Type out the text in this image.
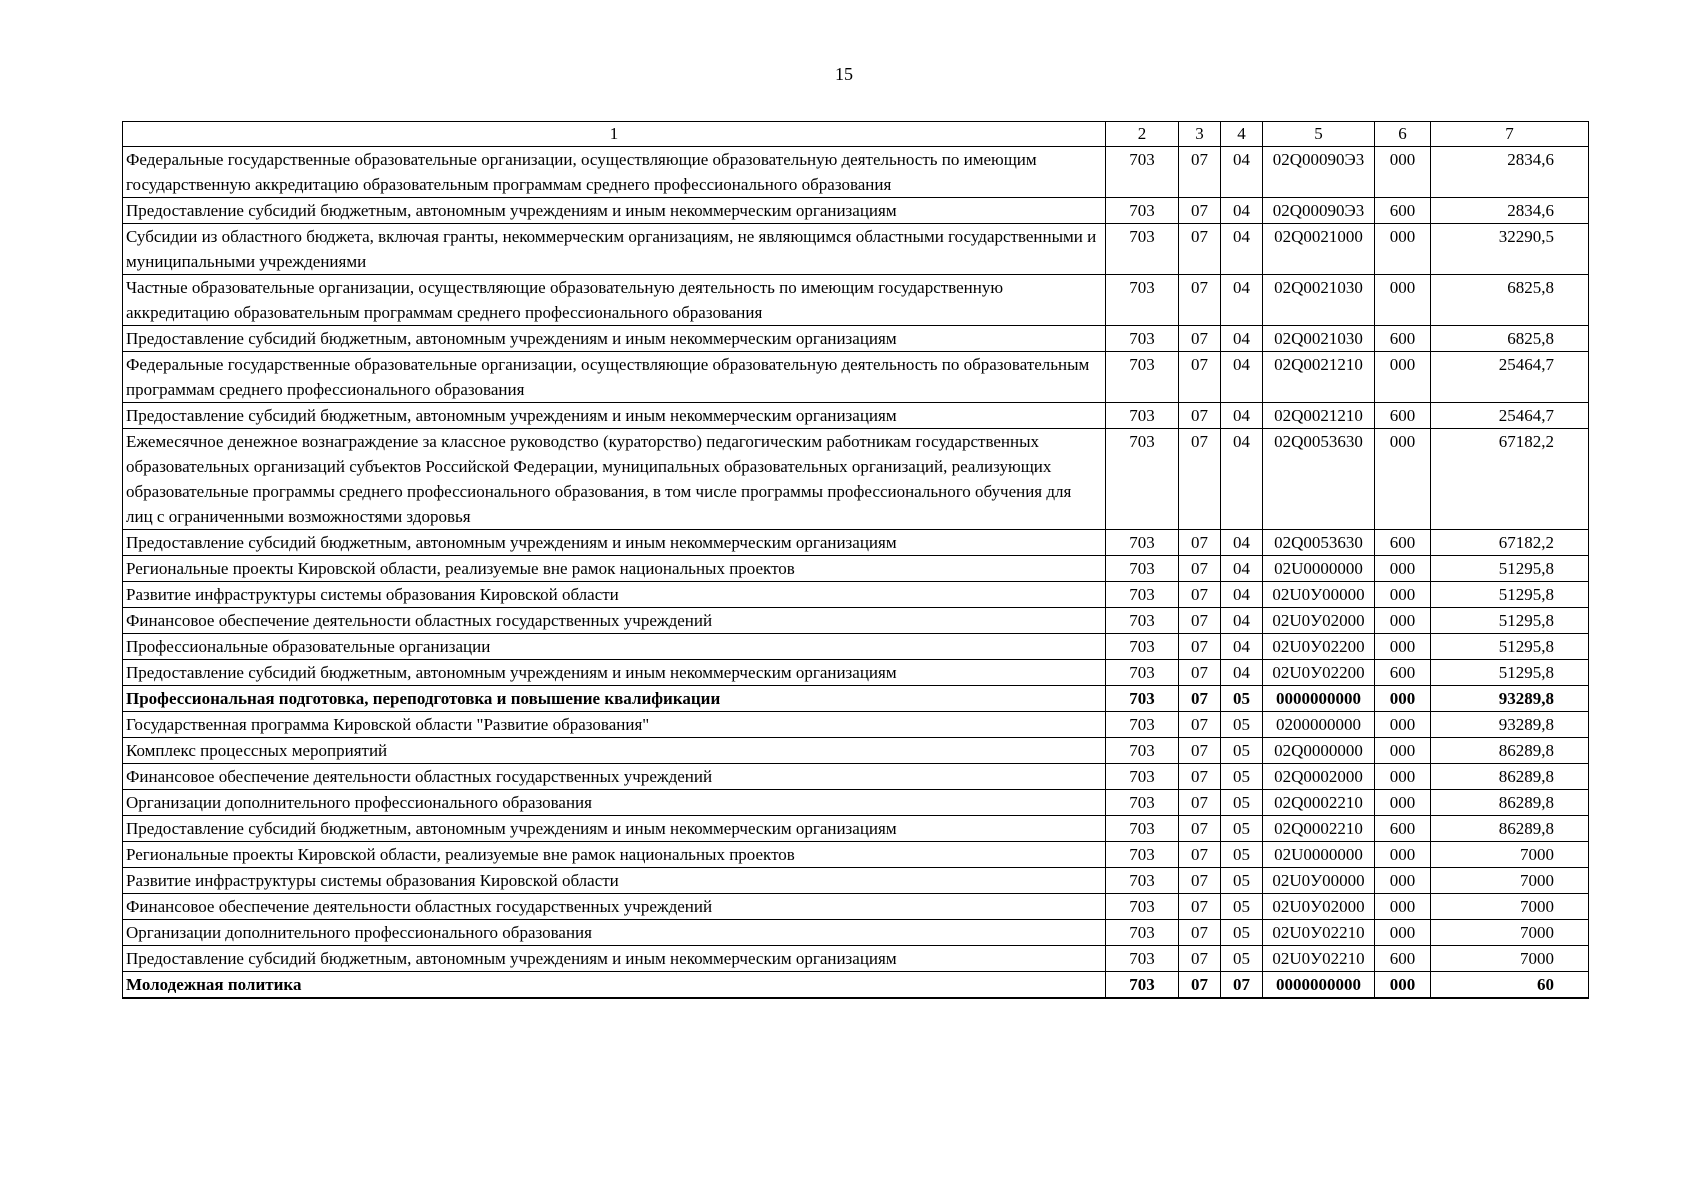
15
1	2	3	4	5	6	7
Федеральные государственные образовательные организации, осуществляющие образовательную деятельность по имеющим государственную аккредитацию образовательным программам среднего профессионального образования	703	07	04	02Q00090Э3	000	2834,6
Предоставление субсидий бюджетным, автономным учреждениям и иным некоммерческим организациям	703	07	04	02Q00090Э3	600	2834,6
Субсидии из областного бюджета, включая гранты, некоммерческим организациям, не являющимся областными государственными и муниципальными учреждениями	703	07	04	02Q0021000	000	32290,5
Частные образовательные организации, осуществляющие образовательную деятельность по имеющим государственную аккредитацию образовательным программам среднего профессионального образования	703	07	04	02Q0021030	000	6825,8
Предоставление субсидий бюджетным, автономным учреждениям и иным некоммерческим организациям	703	07	04	02Q0021030	600	6825,8
Федеральные государственные образовательные организации, осуществляющие образовательную деятельность по образовательным программам среднего профессионального образования	703	07	04	02Q0021210	000	25464,7
Предоставление субсидий бюджетным, автономным учреждениям и иным некоммерческим организациям	703	07	04	02Q0021210	600	25464,7
Ежемесячное денежное вознаграждение за классное руководство (кураторство) педагогическим работникам государственных образовательных организаций субъектов Российской Федерации, муниципальных образовательных организаций, реализующих образовательные программы среднего профессионального образования, в том числе программы профессионального обучения для лиц с ограниченными возможностями здоровья	703	07	04	02Q0053630	000	67182,2
Предоставление субсидий бюджетным, автономным учреждениям и иным некоммерческим организациям	703	07	04	02Q0053630	600	67182,2
Региональные проекты Кировской области, реализуемые вне рамок национальных проектов	703	07	04	02U0000000	000	51295,8
Развитие инфраструктуры системы образования Кировской области	703	07	04	02U0У00000	000	51295,8
Финансовое обеспечение деятельности областных государственных учреждений	703	07	04	02U0У02000	000	51295,8
Профессиональные образовательные организации	703	07	04	02U0У02200	000	51295,8
Предоставление субсидий бюджетным, автономным учреждениям и иным некоммерческим организациям	703	07	04	02U0У02200	600	51295,8
Профессиональная подготовка, переподготовка и повышение квалификации	703	07	05	0000000000	000	93289,8
Государственная программа Кировской области "Развитие образования"	703	07	05	0200000000	000	93289,8
Комплекс процессных мероприятий	703	07	05	02Q0000000	000	86289,8
Финансовое обеспечение деятельности областных государственных учреждений	703	07	05	02Q0002000	000	86289,8
Организации дополнительного профессионального образования	703	07	05	02Q0002210	000	86289,8
Предоставление субсидий бюджетным, автономным учреждениям и иным некоммерческим организациям	703	07	05	02Q0002210	600	86289,8
Региональные проекты Кировской области, реализуемые вне рамок национальных проектов	703	07	05	02U0000000	000	7000
Развитие инфраструктуры системы образования Кировской области	703	07	05	02U0У00000	000	7000
Финансовое обеспечение деятельности областных государственных учреждений	703	07	05	02U0У02000	000	7000
Организации дополнительного профессионального образования	703	07	05	02U0У02210	000	7000
Предоставление субсидий бюджетным, автономным учреждениям и иным некоммерческим организациям	703	07	05	02U0У02210	600	7000
Молодежная политика	703	07	07	0000000000	000	60
